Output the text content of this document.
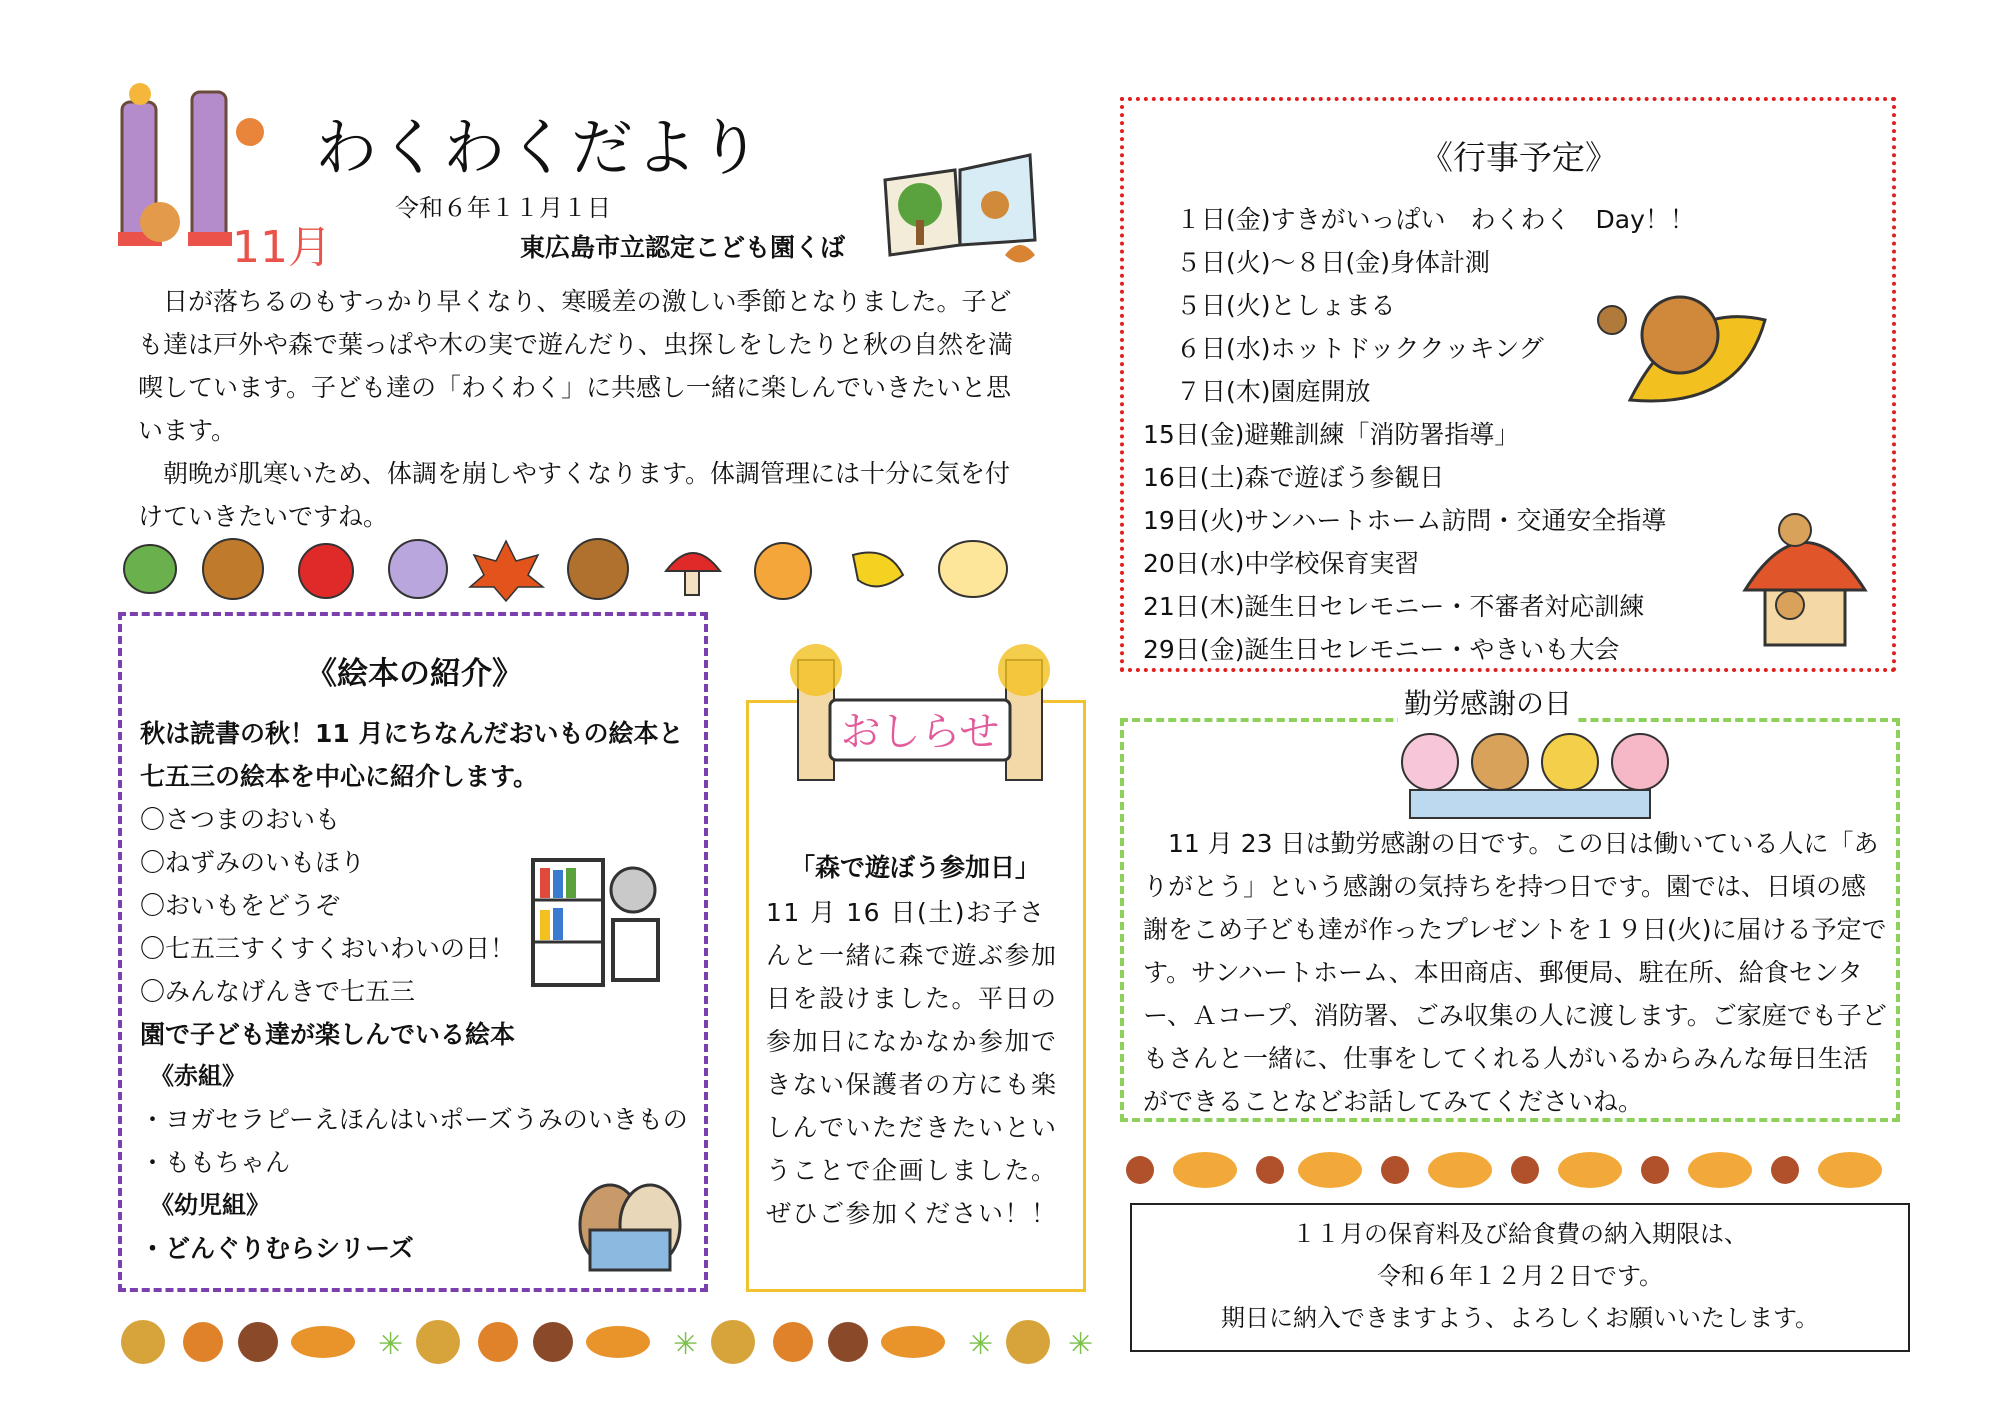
11月
わくわくだより
令和６年１１月１日
東広島市立認定こども園くば

日が落ちるのもすっかり早くなり、寒暖差の激しい季節となりました。子ども達は戸外や森で葉っぱや木の実で遊んだり、虫探しをしたりと秋の自然を満喫しています。子ども達の「わくわく」に共感し一緒に楽しんでいきたいと思います。

朝晩が肌寒いため、体調を崩しやすくなります。体調管理には十分に気を付けていきたいですね。

《行事予定》
１日(金)すきがいっぱい　わくわく　Day！！
５日(火)～８日(金)身体計測
５日(火)としょまる
６日(水)ホットドッククッキング
７日(木)園庭開放
15日(金)避難訓練「消防署指導」
16日(土)森で遊ぼう参観日
19日(火)サンハートホーム訪問・交通安全指導
20日(水)中学校保育実習
21日(木)誕生日セレモニー・不審者対応訓練
29日(金)誕生日セレモニー・やきいも大会
《絵本の紹介》
秋は読書の秋！11 月にちなんだおいもの絵本と
七五三の絵本を中心に紹介します。
〇さつまのおいも
〇ねずみのいもほり
〇おいもをどうぞ
〇七五三すくすくおいわいの日！
〇みんなげんきで七五三
園で子ども達が楽しんでいる絵本
《赤組》
・ヨガセラピーえほんはいポーズうみのいきもの
・ももちゃん
《幼児組》
・どんぐりむらシリーズ
おしらせ
「森で遊ぼう参加日」

11 月 16 日(土)お子さんと一緒に森で遊ぶ参加日を設けました。平日の参加日になかなか参加できない保護者の方にも楽しんでいただきたいということで企画しました。

ぜひご参加ください！！

勤労感謝の日

11 月 23 日は勤労感謝の日です。この日は働いている人に「ありがとう」という感謝の気持ちを持つ日です。園では、日頃の感謝をこめ子ども達が作ったプレゼントを１９日(火)に届ける予定です。サンハートホーム、本田商店、郵便局、駐在所、給食センター、Ａコープ、消防署、ごみ収集の人に渡します。ご家庭でも子どもさんと一緒に、仕事をしてくれる人がいるからみんな毎日生活ができることなどお話してみてくださいね。

✳	✳	✳ ✳
１１月の保育料及び給食費の納入期限は、
令和６年１２月２日です。
期日に納入できますよう、よろしくお願いいたします。
